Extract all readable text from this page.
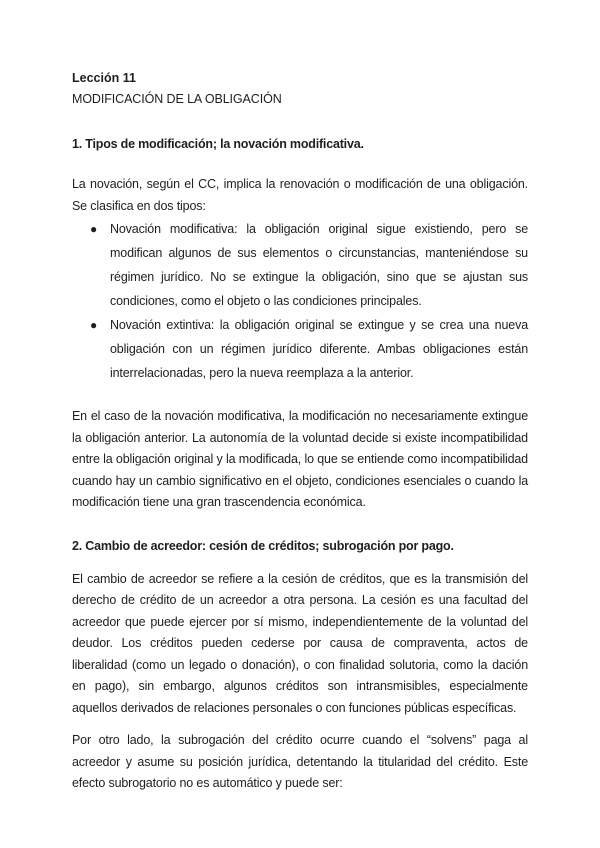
Lección 11

MODIFICACIÓN DE LA OBLIGACIÓN

1. Tipos de modificación; la novación modificativa.

La novación, según el CC, implica la renovación o modificación de una obligación. Se clasifica en dos tipos:

● Novación modificativa: la obligación original sigue existiendo, pero se modifican algunos de sus elementos o circunstancias, manteniéndose su régimen jurídico. No se extingue la obligación, sino que se ajustan sus condiciones, como el objeto o las condiciones principales.
● Novación extintiva: la obligación original se extingue y se crea una nueva obligación con un régimen jurídico diferente. Ambas obligaciones están interrelacionadas, pero la nueva reemplaza a la anterior.

En el caso de la novación modificativa, la modificación no necesariamente extingue la obligación anterior. La autonomía de la voluntad decide si existe incompatibilidad entre la obligación original y la modificada, lo que se entiende como incompatibilidad cuando hay un cambio significativo en el objeto, condiciones esenciales o cuando la modificación tiene una gran trascendencia económica.

2. Cambio de acreedor: cesión de créditos; subrogación por pago.

El cambio de acreedor se refiere a la cesión de créditos, que es la transmisión del derecho de crédito de un acreedor a otra persona. La cesión es una facultad del acreedor que puede ejercer por sí mismo, independientemente de la voluntad del deudor. Los créditos pueden cederse por causa de compraventa, actos de liberalidad (como un legado o donación), o con finalidad solutoria, como la dación en pago), sin embargo, algunos créditos son intransmisibles, especialmente aquellos derivados de relaciones personales o con funciones públicas específicas.

Por otro lado, la subrogación del crédito ocurre cuando el “solvens” paga al acreedor y asume su posición jurídica, detentando la titularidad del crédito. Este efecto subrogatorio no es automático y puede ser:
